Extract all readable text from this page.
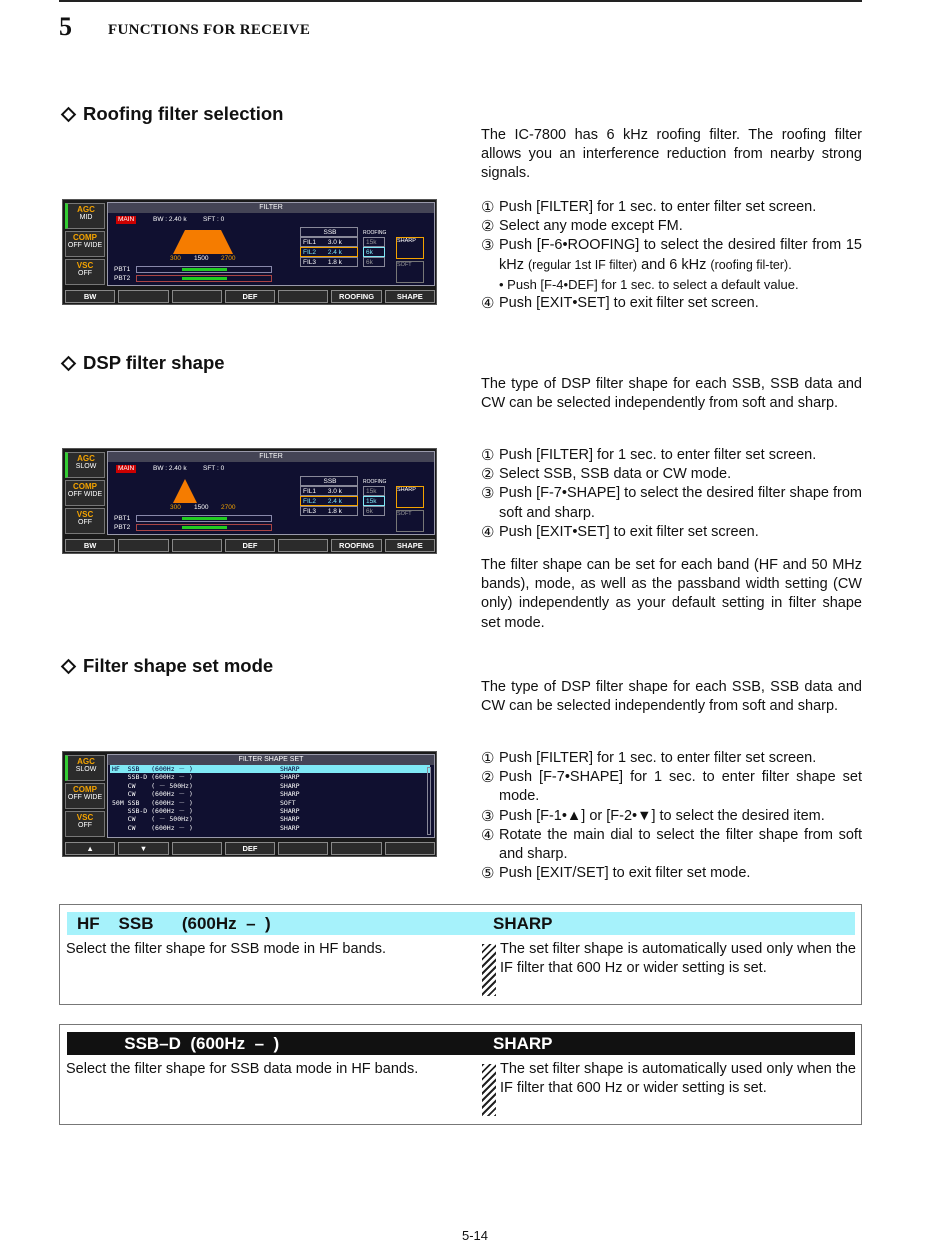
5 FUNCTIONS FOR RECEIVE
Roofing filter selection
The IC-7800 has 6 kHz roofing filter. The roofing filter allows you an interference reduction from nearby strong signals.
① Push [FILTER] for 1 sec. to enter filter set screen.
② Select any mode except FM.
③ Push [F-6•ROOFING] to select the desired filter from 15 kHz (regular 1st IF filter) and 6 kHz (roofing fil-ter).
• Push [F-4•DEF] for 1 sec. to select a default value.
④ Push [EXIT•SET] to exit filter set screen.
AGC
MID
COMP
OFF WIDE
VSC
OFF
FILTER
MAIN	BW : 2.40 k	SFT : 0
300 1500 2700
PBT1
PBT2
SSB	ROOFING
FIL1 3.0 k
FIL2 2.4 k
FIL3 1.8 k
15k
6k
6k
SHARP
SOFT
BW	DEF	ROOFING	SHAPE
DSP filter shape
The type of DSP filter shape for each SSB, SSB data and CW can be selected independently from soft and sharp.
① Push [FILTER] for 1 sec. to enter filter set screen.
② Select SSB, SSB data or CW mode.
③ Push [F-7•SHAPE] to select the desired filter shape from soft and sharp.
④ Push [EXIT•SET] to exit filter set screen.
The filter shape can be set for each band (HF and 50 MHz bands), mode, as well as the passband width setting (CW only) independently as your default setting in filter shape set mode.
AGC
SLOW
COMP
OFF WIDE
VSC
OFF
FILTER
MAIN	BW : 2.40 k	SFT : 0
300 1500 2700
PBT1
PBT2
SSB	ROOFING
FIL1 3.0 k
FIL2 2.4 k
FIL3 1.8 k
15k
15k
6k
SHARP
SOFT
BW	DEF	ROOFING	SHAPE
Filter shape set mode
The type of DSP filter shape for each SSB, SSB data and CW can be selected independently from soft and sharp.
① Push [FILTER] for 1 sec. to enter filter set screen.
② Push [F-7•SHAPE] for 1 sec. to enter filter shape set mode.
③ Push [F-1•▲] or [F-2•▼] to select the desired item.
④ Rotate the main dial to select the filter shape from soft and sharp.
⑤ Push [EXIT/SET] to exit filter set mode.
AGC
SLOW
COMP
OFF WIDE
VSC
OFF
FILTER SHAPE SET
HF  SSB   (600Hz － )	SHARP
SSB-D (600Hz － )	SHARP
CW    ( － 500Hz)	SHARP
CW    (600Hz － )	SHARP
50M SSB   (600Hz － )	SOFT
SSB-D (600Hz － )	SHARP
CW    ( － 500Hz)	SHARP
CW    (600Hz － )	SHARP
▲	▼	DEF
HF    SSB      (600Hz  –  )	SHARP
Select the filter shape for SSB mode in HF bands.	The set filter shape is automatically used only when the IF filter that 600 Hz or wider setting is set.
SSB–D  (600Hz  –  )	SHARP
Select the filter shape for SSB data mode in HF bands.	The set filter shape is automatically used only when the IF filter that 600 Hz or wider setting is set.
5-14
